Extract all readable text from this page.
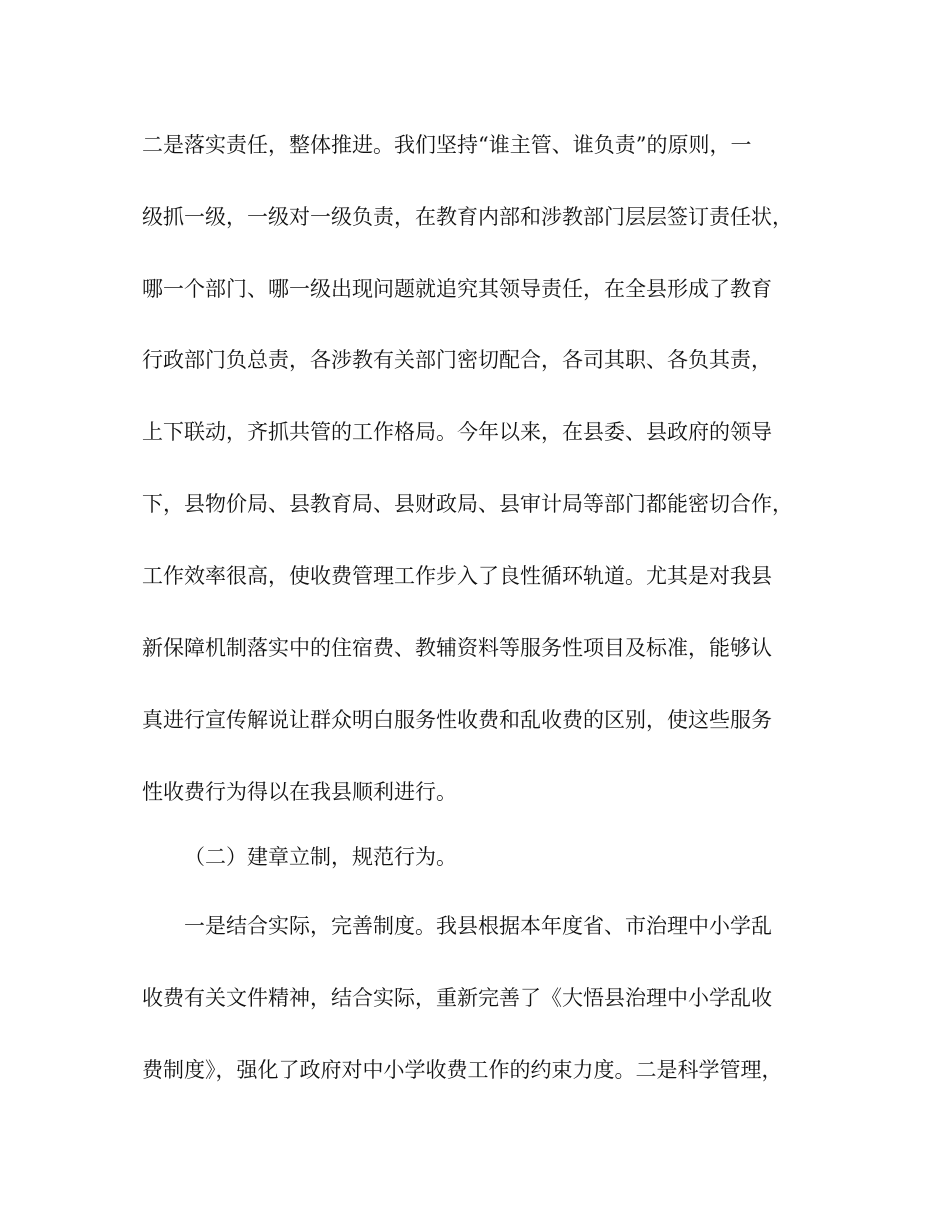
二是落实责任，整体推进。我们坚持“谁主管、谁负责”的原则，一
级抓一级，一级对一级负责，在教育内部和涉教部门层层签订责任状，
哪一个部门、哪一级出现问题就追究其领导责任，在全县形成了教育
行政部门负总责，各涉教有关部门密切配合，各司其职、各负其责，
上下联动，齐抓共管的工作格局。今年以来，在县委、县政府的领导
下，县物价局、县教育局、县财政局、县审计局等部门都能密切合作，
工作效率很高，使收费管理工作步入了良性循环轨道。尤其是对我县
新保障机制落实中的住宿费、教辅资料等服务性项目及标准，能够认
真进行宣传解说让群众明白服务性收费和乱收费的区别，使这些服务
性收费行为得以在我县顺利进行。
（二）建章立制，规范行为。
一是结合实际，完善制度。我县根据本年度省、市治理中小学乱
收费有关文件精神，结合实际，重新完善了《大悟县治理中小学乱收
费制度》，强化了政府对中小学收费工作的约束力度。二是科学管理，
